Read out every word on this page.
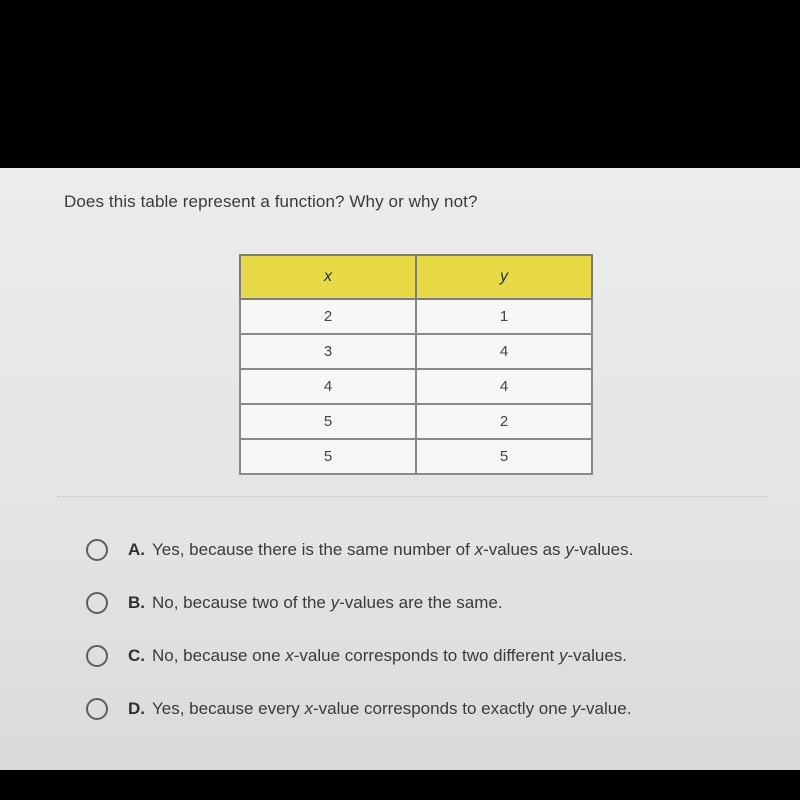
Does this table represent a function? Why or why not?
x	y
2	1
3	4
4	4
5	2
5	5
A. Yes, because there is the same number of x-values as y-values.
B. No, because two of the y-values are the same.
C. No, because one x-value corresponds to two different y-values.
D. Yes, because every x-value corresponds to exactly one y-value.
